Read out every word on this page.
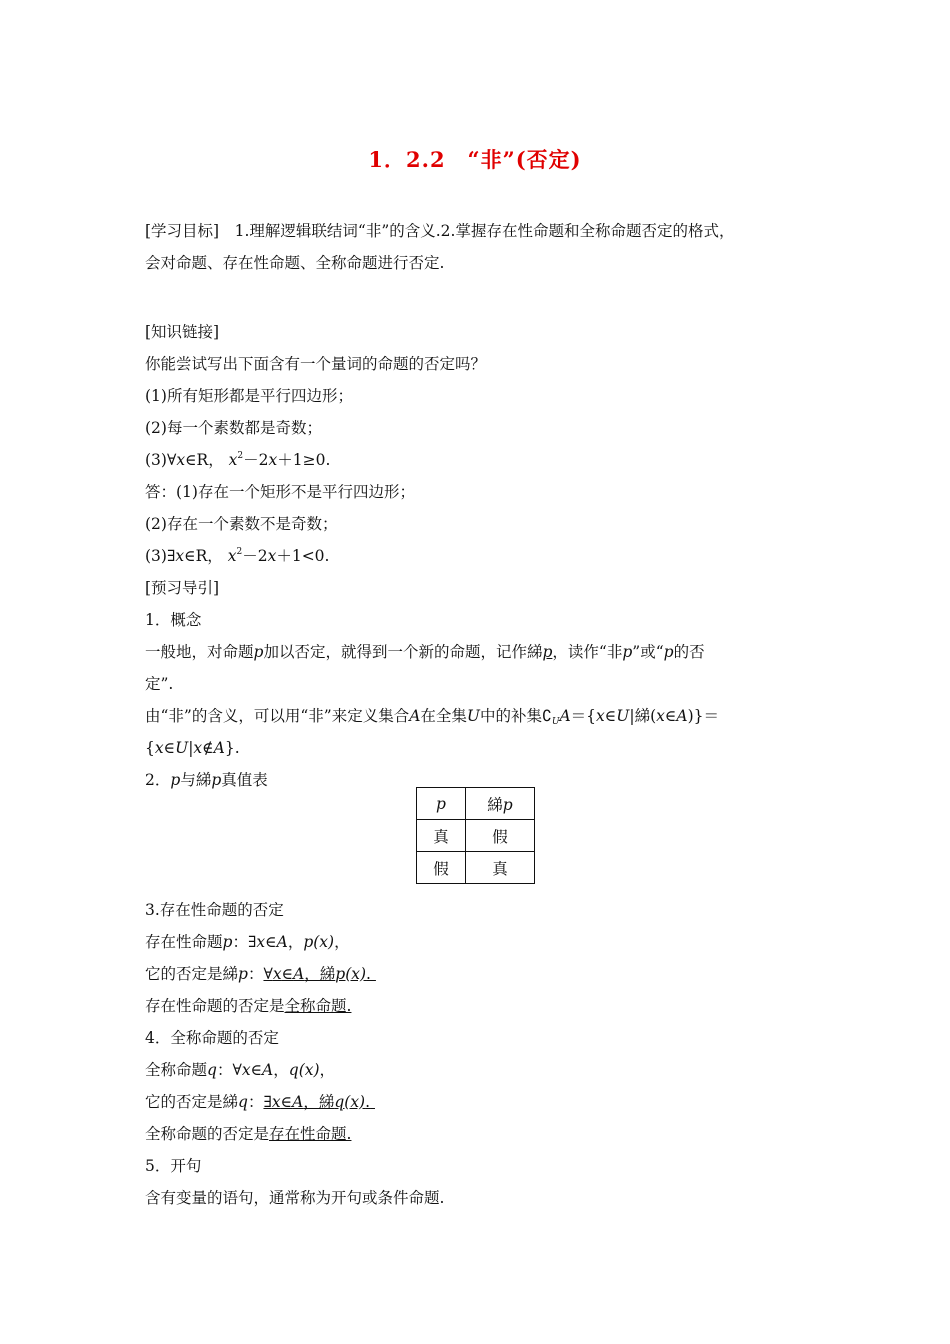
1．2.2　“非”(否定)
[学习目标]　1.理解逻辑联结词“非”的含义.2.掌握存在性命题和全称命题否定的格式，
会对命题、存在性命题、全称命题进行否定.
[知识链接]
你能尝试写出下面含有一个量词的命题的否定吗？
(1)所有矩形都是平行四边形；
(2)每一个素数都是奇数；
(3)∀x∈R， $x^2-2x+1\ge 0$.
答：(1)存在一个矩形不是平行四边形；
(2)存在一个素数不是奇数；
(3)∃x∈R， $x^2-2x+1<0$.
[预习导引]
1．概念
一般地，对命题p加以否定，就得到一个新的命题，记作綈p，读作“非p”或“p的否
定”.
由“非”的含义，可以用“非”来定义集合A在全集U中的补集$∁_UA=\{x\in U|$綈(x∈A)}＝
{x∈U|x∉A}.
2．p与綈p真值表
p	綈p
真	假
假	真
3.存在性命题的否定
存在性命题p：∃x∈A，p(x)，
它的否定是綈p：∀x∈A，綈p(x).
存在性命题的否定是全称命题.
4．全称命题的否定
全称命题q：∀x∈A，q(x)，
它的否定是綈q：∃x∈A，綈q(x).
全称命题的否定是存在性命题.
5．开句
含有变量的语句，通常称为开句或条件命题.
